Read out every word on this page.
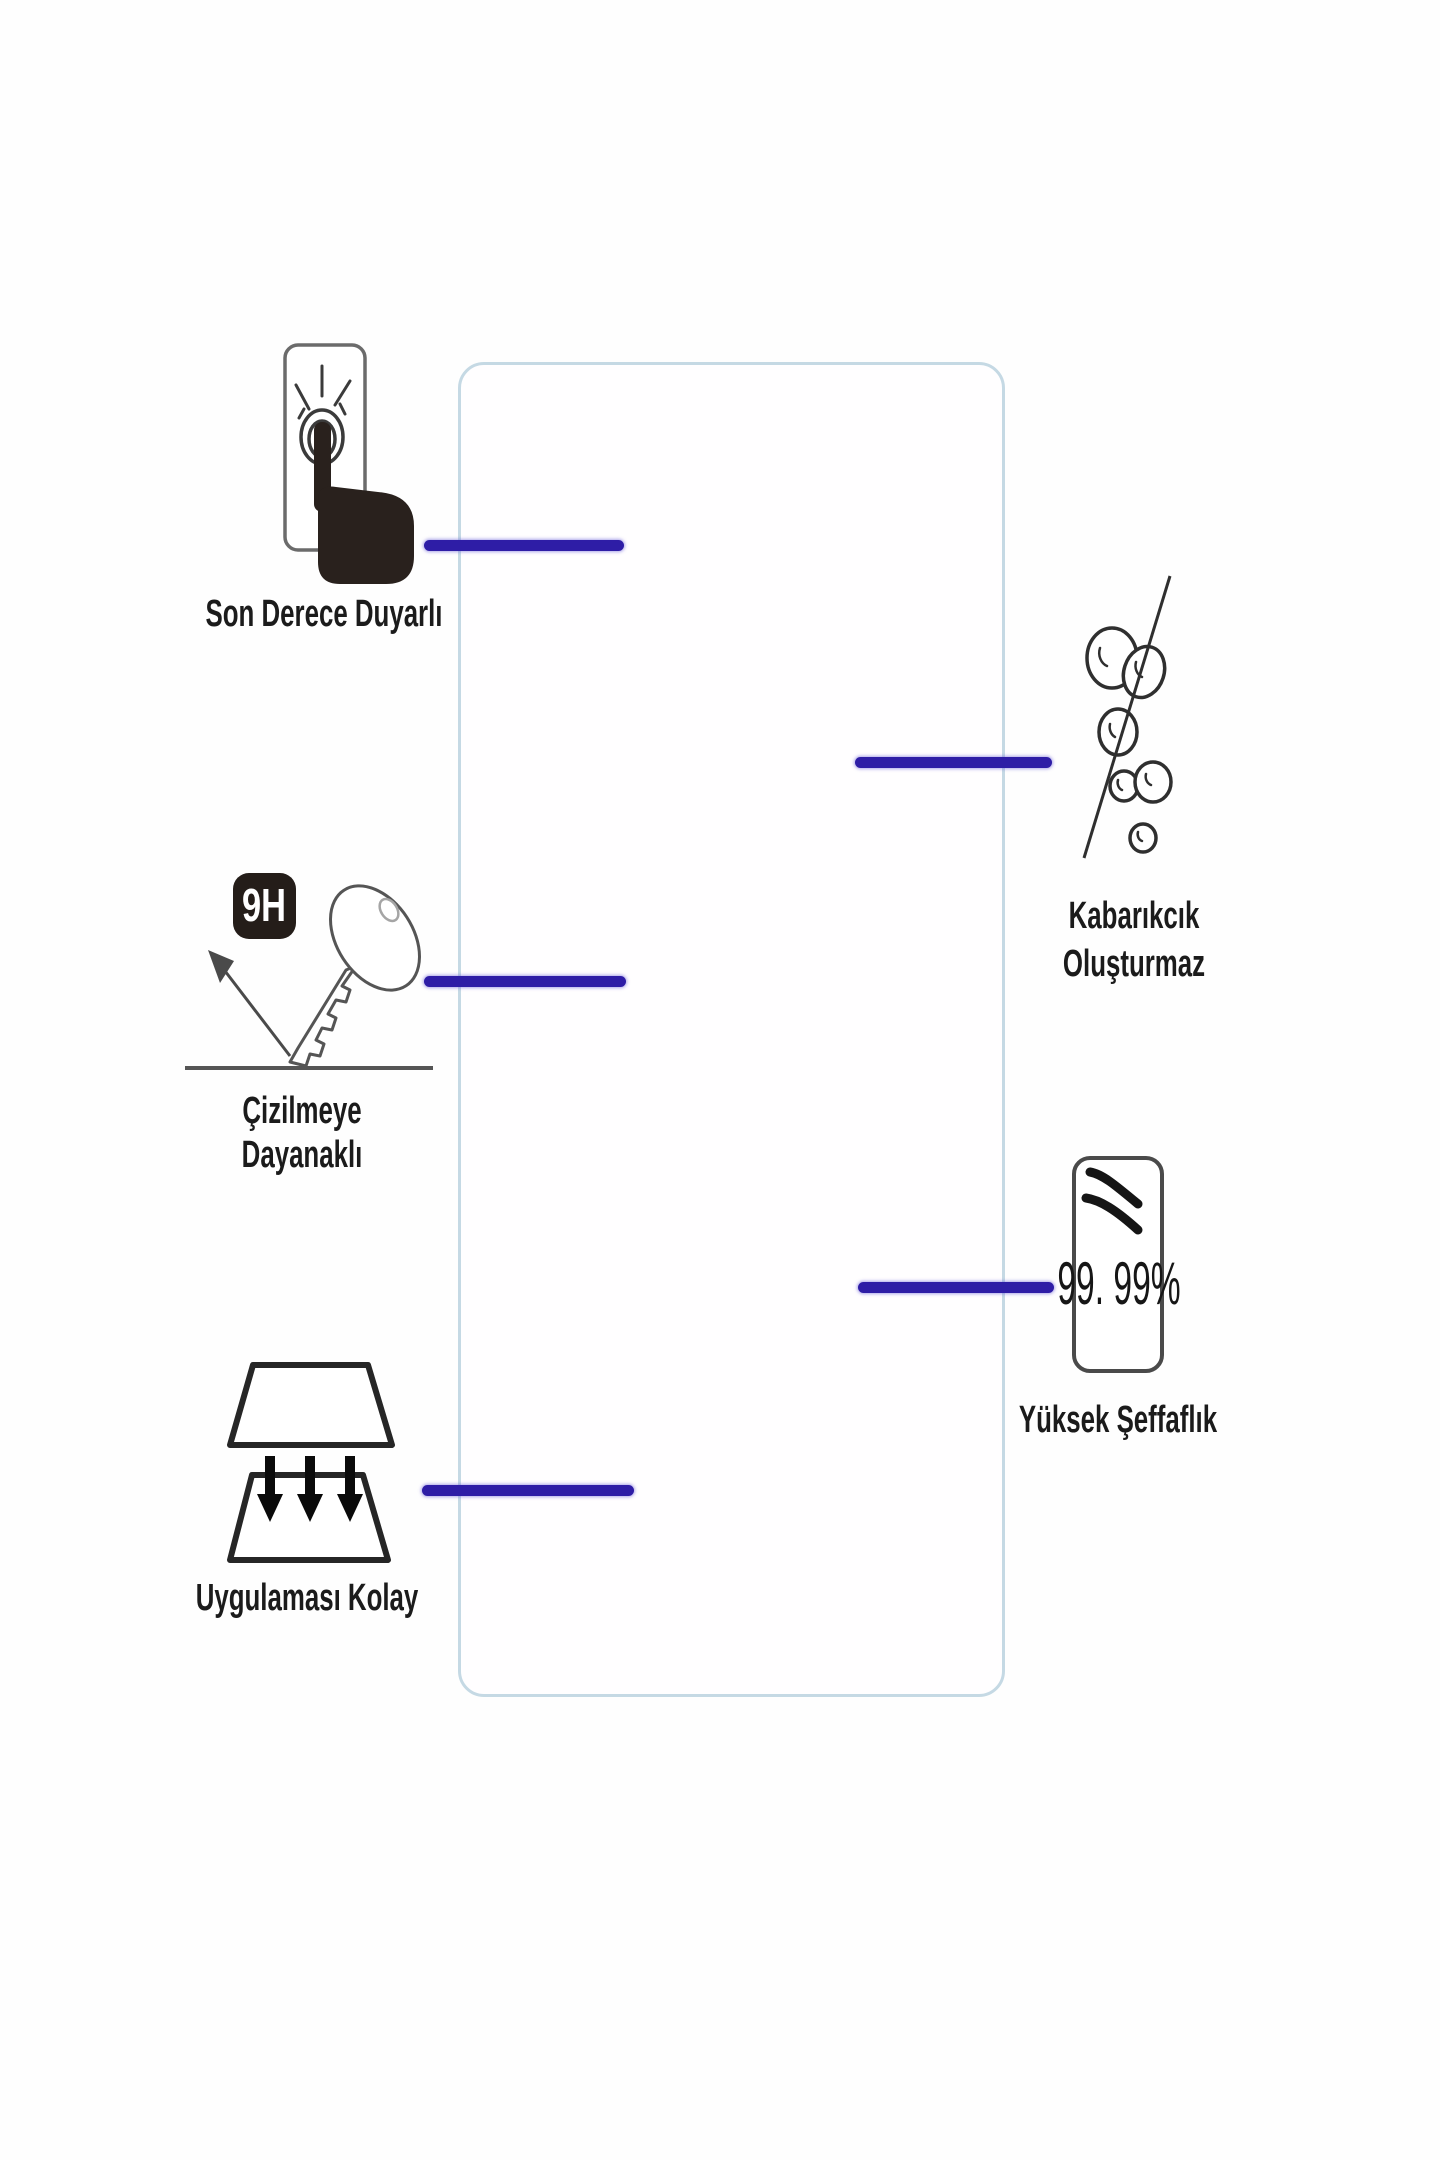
9H
99. 99%
Son Derece Duyarlı
Çizilmeye
Dayanaklı
Uygulaması Kolay
Kabarıkcık
Oluşturmaz
Yüksek Şeffaflık
